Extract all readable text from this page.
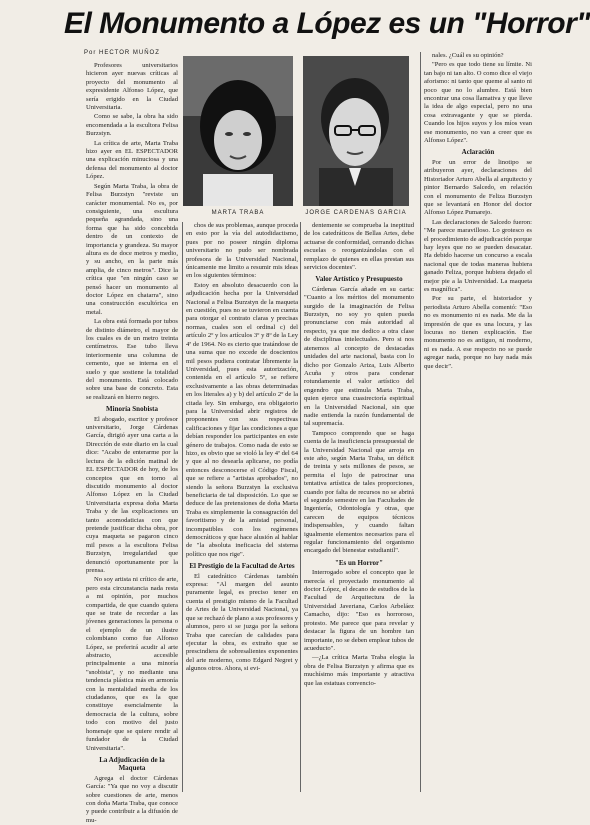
El Monumento a López es un "Horror"
Por HECTOR MUÑOZ
MARTA TRABA	JORGE CARDENAS GARCIA

Profesores universitarios hicieron ayer nuevas críticas al proyecto del monumento al expresidente Alfonso López, que sería erigido en la Ciudad Universitaria.

Como se sabe, la obra ha sido encomendada a la escultora Felisa Burzstyn.

La crítica de arte, Marta Traba hizo ayer en EL ESPECTADOR una explicación minuciosa y una defensa del monumento al doctor López.

Según Marta Traba, la obra de Felisa Burzstyn "reviste un carácter monumental. No es, por consiguiente, una escultura pequeña agrandada, sino una forma que ha sido concebida dentro de un contexto de importancia y grandeza. Su mayor altura es de doce metros y medio, y su ancho, en la parte más amplia, de cinco metros". Dice la crítica que "en ningún caso se pensó hacer un monumento al doctor López en chatarra", sino una construcción escultórica en metal.

La obra está formada por tubos de distinto diámetro, el mayor de los cuales es de un metro treinta centímetros. Ese tubo lleva interiormente una columna de cemento, que se interna en el suelo y que sostiene la totalidad del monumento. Está colocado sobre una base de concreto. Esta se realizará en hierro negro.

Minoría Snobista

El abogado, escritor y profesor universitario, Jorge Cárdenas García, dirigió ayer una carta a la Dirección de este diario en la cual dice: "Acabo de enterarme por la lectura de la edición matinal de EL ESPECTADOR de hoy, de los conceptos que en torno al discutido monumento al doctor Alfonso López en la Ciudad Universitaria expresa doña Marta Traba y de las explicaciones un tanto acomodaticias con que pretende justificar dicha obra, por cuya maqueta se pagaron cinco mil pesos a la escultora Felisa Burzstyn, irregularidad que denunció oportunamente por la prensa.

No soy artista ni crítico de arte, pero esta circunstancia nada resta a mi opinión, por muchos compartida, de que cuando quiera que se trate de recordar a las jóvenes generaciones la persona o el ejemplo de un ilustre colombiano como fue Alfonso López, se preferirá acudir al arte abstracto, accesible principalmente a una minoría "snobista", y no mediante una tendencia plástica más en armonía con la mentalidad media de los ciudadanos, que es la que constituye esencialmente la democracia de la cultura, sobre todo con motivo del justo homenaje que se quiere rendir al fundador de la Ciudad Universitaria".

La Adjudicación de la Maqueta

Agrega el doctor Cárdenas García: "Ya que no voy a discutir sobre cuestiones de arte, menos con doña Marta Traba, que conoce y puede contribuir a la difusión de mu-

chos de sus problemas, aunque proceda en esto por la vía del autodidactismo, pues por no poseer ningún diploma universitario no pudo ser nombrada profesora de la Universidad Nacional, únicamente me limito a resumir mis ideas en los siguientes términos:

Estoy en absoluto desacuerdo con la adjudicación hecha por la Universidad Nacional a Felisa Burzstyn de la maqueta en cuestión, pues no se tuvieron en cuenta para otorgar el contrato claras y precisas normas, cuales son el ordinal c) del artículo 2º y los artículos 3º y 8º de la Ley 4ª de 1964. No es cierto que tratándose de una suma que no excede de doscientos mil pesos pudiera contratar libremente la Universidad, pues esta autorización, contenida en el artículo 5º, se refiere exclusivamente a las obras determinadas en los literales a) y b) del artículo 2º de la citada ley. Sin embargo, era obligatorio para la Universidad abrir registros de proponentes con sus respectivas calificaciones y fijar las condiciones a que debían responder los participantes en este género de trabajos. Como nada de esto se hizo, es obvio que se violó la ley 4ª del 64 y que al no desearla aplicarse, no podía entonces desconocerse el Código Fiscal, que se refiere a "artistas aprobados", no siendo la señora Burzstyn la exclusiva beneficiaria de tal disposición. Lo que se deduce de las pretensiones de doña Marta Traba es simplemente la consagración del favoritismo y de la amistad personal, incompatibles con los regímenes democráticos y que hace alusión al hablar de "la absoluta ineficacia del sistema político que nos rige".

El Prestigio de la Facultad de Artes

El catedrático Cárdenas también expresa: "Al margen del asunto puramente legal, es preciso tener en cuenta el prestigio mismo de la Facultad de Artes de la Universidad Nacional, ya que se rechazó de plano a sus profesores y alumnos, pero si se juzga por la señora Traba que carecían de calidades para ejecutar la obra, es extraño que se prescindiera de sobresalientes exponentes del arte moderno, como Edgard Negret y algunos otros. Ahora, si evi-

dentemente se comprueba la ineptitud de los catedráticos de Bellas Artes, debe actuarse de conformidad, cerrando dichas escuelas o reorganizándolas con el remplazo de quienes en ellas prestan sus servicios docentes".

Valor Artístico y Presupuesto

Cárdenas García añade en su carta: "Cuanto a los méritos del monumento surgido de la imaginación de Felisa Burzstyn, no soy yo quien pueda pronunciarse con más autoridad al respecto, ya que me dedico a otra clase de disciplinas intelectuales. Pero si nos atenemos al concepto de destacadas unidades del arte nacional, basta con lo dicho por Gonzalo Ariza, Luis Alberto Acuña y otros para condenar rotundamente el valor artístico del engendro que estimula Marta Traba, quien ejerce una cuasirectoría espiritual en la Universidad Nacional, sin que nadie entienda la razón fundamental de tal supremacía.

Tampoco comprendo que se haga cuenta de la insuficiencia presupuestal de la Universidad Nacional que arroja en este año, según Marta Traba, un déficit de treinta y seis millones de pesos, se permita el lujo de patrocinar una tentativa artística de tales proporciones, cuando por falta de recursos no se abrirá el segundo semestre en las Facultades de Ingeniería, Odontología y otras, que carecen de equipos técnicos indispensables, y cuando faltan igualmente elementos necesarios para el regular funcionamiento del organismo encargado del bienestar estudiantil".

"Es un Horror"

Interrogado sobre el concepto que le merecía el proyectado monumento al doctor López, el decano de estudios de la Facultad de Arquitectura de la Universidad Javeriana, Carlos Arbeláez Camacho, dijo: "Eso es horroroso, protesto. Me parece que para revelar y destacar la figura de un hombre tan importante, no se deben emplear tubos de acueducto".

—¿La crítica Marta Traba elogia la obra de Felisa Burzstyn y afirma que es muchísimo más importante y atractiva que las estatuas convencio-

nales. ¿Cuál es su opinión?

"Pero es que todo tiene su límite. Ni tan bajo ni tan alto. O como dice el viejo aforismo: ni tanto que queme al santo ni poco que no lo alumbre. Está bien encontrar una cosa llamativa y que lleve la idea de algo especial, pero no una cosa extravagante y que se pierda. Cuando los hijos suyos y los míos vean ese monumento, no van a creer que es Alfonso López".

Aclaración

Por un error de linotipo se atribuyeron ayer, declaraciones del Historiador Arturo Abella al arquitecto y pintor Bernardo Salcedo, en relación con el monumento de Feliza Burzstyn que se levantará en Honor del doctor Alfonso López Pumarejo.

Las declaraciones de Salcedo fueron: "Me parece maravilloso. Lo grotesco es el procedimiento de adjudicación porque hay leyes que no se pueden desacatar. Ha debido hacerse un concurso a escala nacional que de todas maneras hubiera ganado Feliza, porque hubiera dejado el mejor pie a la Universidad. La maqueta es magnífica".

Por su parte, el historiador y periodista Arturo Abella comentó: "Eso no es monumento ni es nada. Me da la impresión de que es una locura, y las locuras no tienen explicación. Ese monumento no es antiguo, ni moderno, ni es nada. A ese respecto no se puede agregar nada, porque no hay nada más que decir".
